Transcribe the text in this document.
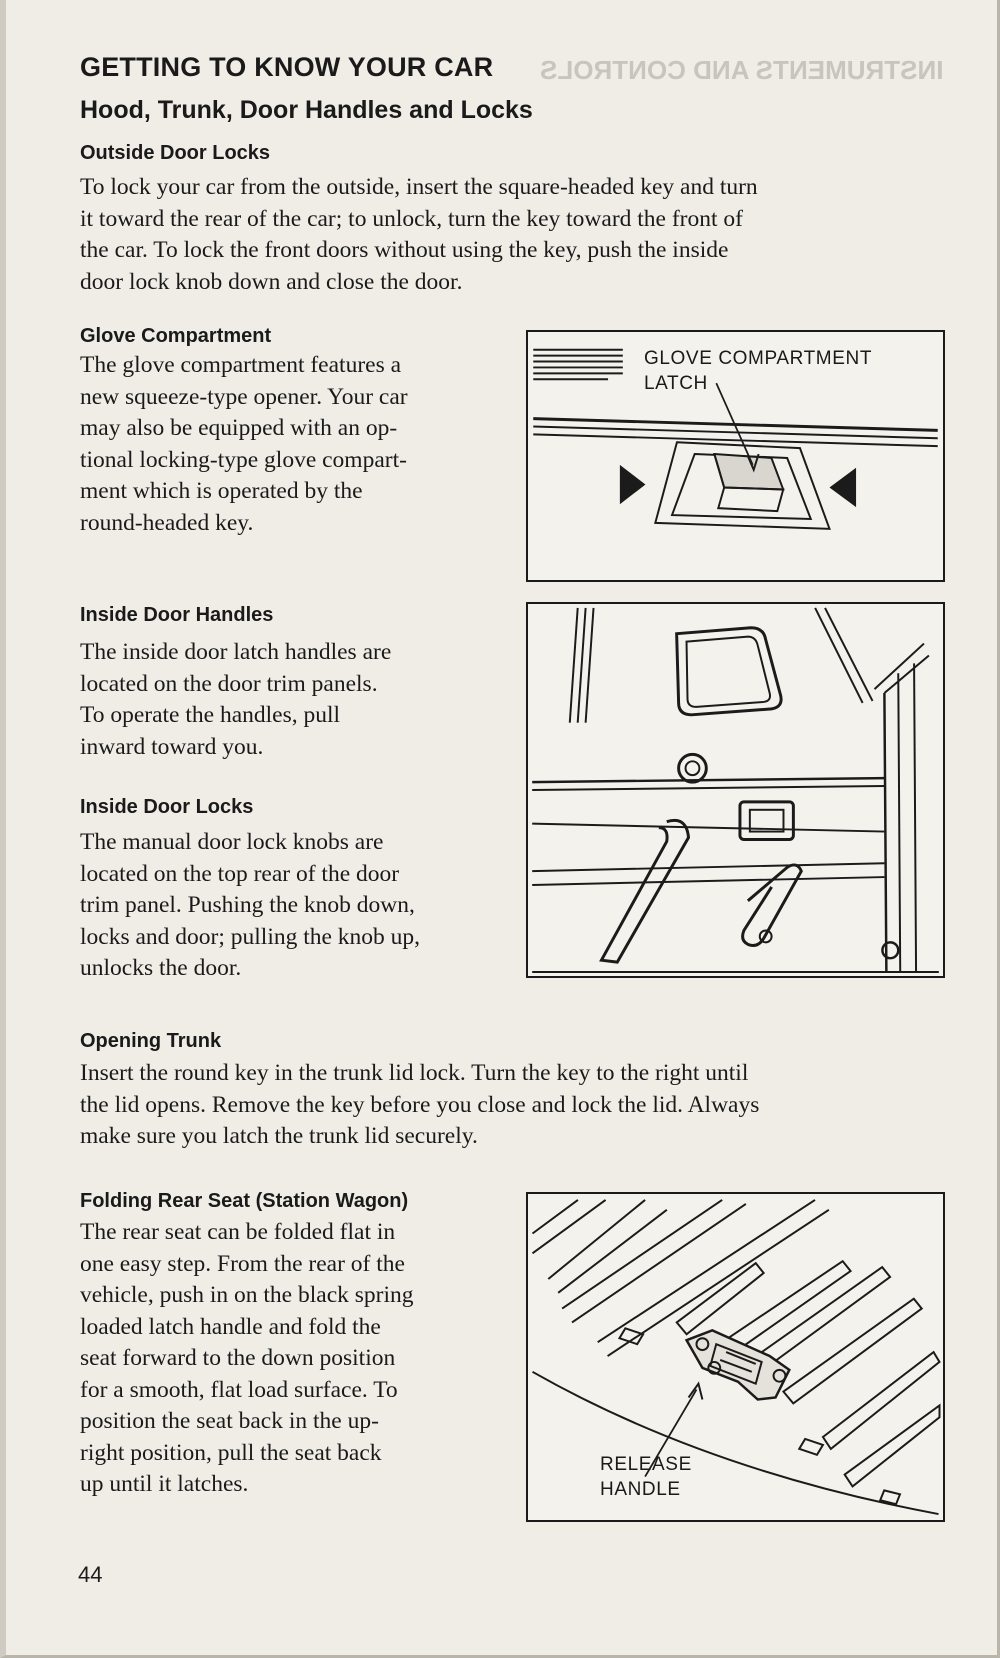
INSTRUMENTS AND CONTROLS
GETTING TO KNOW YOUR CAR
Hood, Trunk, Door Handles and Locks
Outside Door Locks
To lock your car from the outside, insert the square-headed key and turn
it toward the rear of the car; to unlock, turn the key toward the front of
the car. To lock the front doors without using the key, push the inside
door lock knob down and close the door.
Glove Compartment
The glove compartment features a
new squeeze-type opener. Your car
may also be equipped with an op-
tional locking-type glove compart-
ment which is operated by the
round-headed key.
GLOVE COMPARTMENT
LATCH
Inside Door Handles
The inside door latch handles are
located on the door trim panels.
To operate the handles, pull
inward toward you.
Inside Door Locks
The manual door lock knobs are
located on the top rear of the door
trim panel. Pushing the knob down,
locks and door; pulling the knob up,
unlocks the door.
Opening Trunk
Insert the round key in the trunk lid lock. Turn the key to the right until
the lid opens. Remove the key before you close and lock the lid. Always
make sure you latch the trunk lid securely.
Folding Rear Seat (Station Wagon)
The rear seat can be folded flat in
one easy step. From the rear of the
vehicle, push in on the black spring
loaded latch handle and fold the
seat forward to the down position
for a smooth, flat load surface. To
position the seat back in the up-
right position, pull the seat back
up until it latches.
RELEASE
HANDLE
44
